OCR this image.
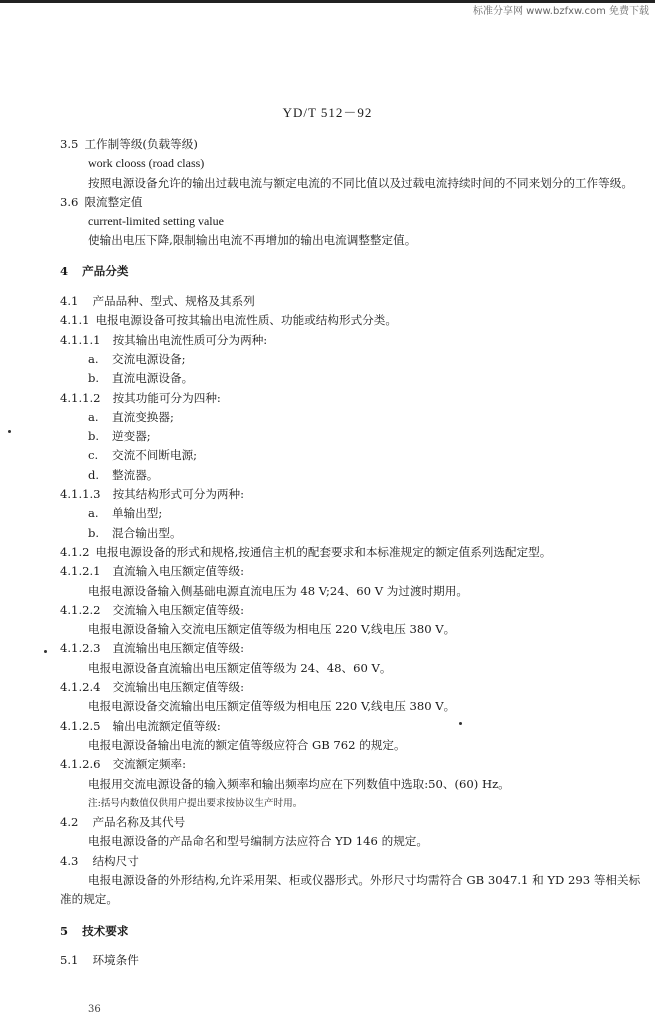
标准分享网 www.bzfxw.com 免费下载
YD/T 512－92

3.5 工作制等级(负载等级)

work clooss (road class)

按照电源设备允许的输出过载电流与额定电流的不同比值以及过载电流持续时间的不同来划分的工作等级。

3.6 限流整定值

current-limited setting value

使输出电压下降,限制输出电流不再增加的输出电流调整整定值。

4 产品分类

4.1 产品品种、型式、规格及其系列

4.1.1 电报电源设备可按其输出电流性质、功能或结构形式分类。

4.1.1.1 按其输出电流性质可分为两种:

a. 交流电源设备;

b. 直流电源设备。

4.1.1.2 按其功能可分为四种:

a. 直流变换器;

b. 逆变器;

c. 交流不间断电源;

d. 整流器。

4.1.1.3 按其结构形式可分为两种:

a. 单输出型;

b. 混合输出型。

4.1.2 电报电源设备的形式和规格,按通信主机的配套要求和本标准规定的额定值系列选配定型。

4.1.2.1 直流输入电压额定值等级:

电报电源设备输入侧基础电源直流电压为 48 V;24、60 V 为过渡时期用。

4.1.2.2 交流输入电压额定值等级:

电报电源设备输入交流电压额定值等级为相电压 220 V,线电压 380 V。

4.1.2.3 直流输出电压额定值等级:

电报电源设备直流输出电压额定值等级为 24、48、60 V。

4.1.2.4 交流输出电压额定值等级:

电报电源设备交流输出电压额定值等级为相电压 220 V,线电压 380 V。

4.1.2.5 输出电流额定值等级:

电报电源设备输出电流的额定值等级应符合 GB 762 的规定。

4.1.2.6 交流额定频率:

电报用交流电源设备的输入频率和输出频率均应在下列数值中选取:50、(60) Hz。

注:括号内数值仅供用户提出要求按协议生产时用。

4.2 产品名称及其代号

电报电源设备的产品命名和型号编制方法应符合 YD 146 的规定。

4.3 结构尺寸

电报电源设备的外形结构,允许采用架、柜或仪器形式。外形尺寸均需符合 GB 3047.1 和 YD 293 等相关标准的规定。

5 技术要求

5.1 环境条件

36
